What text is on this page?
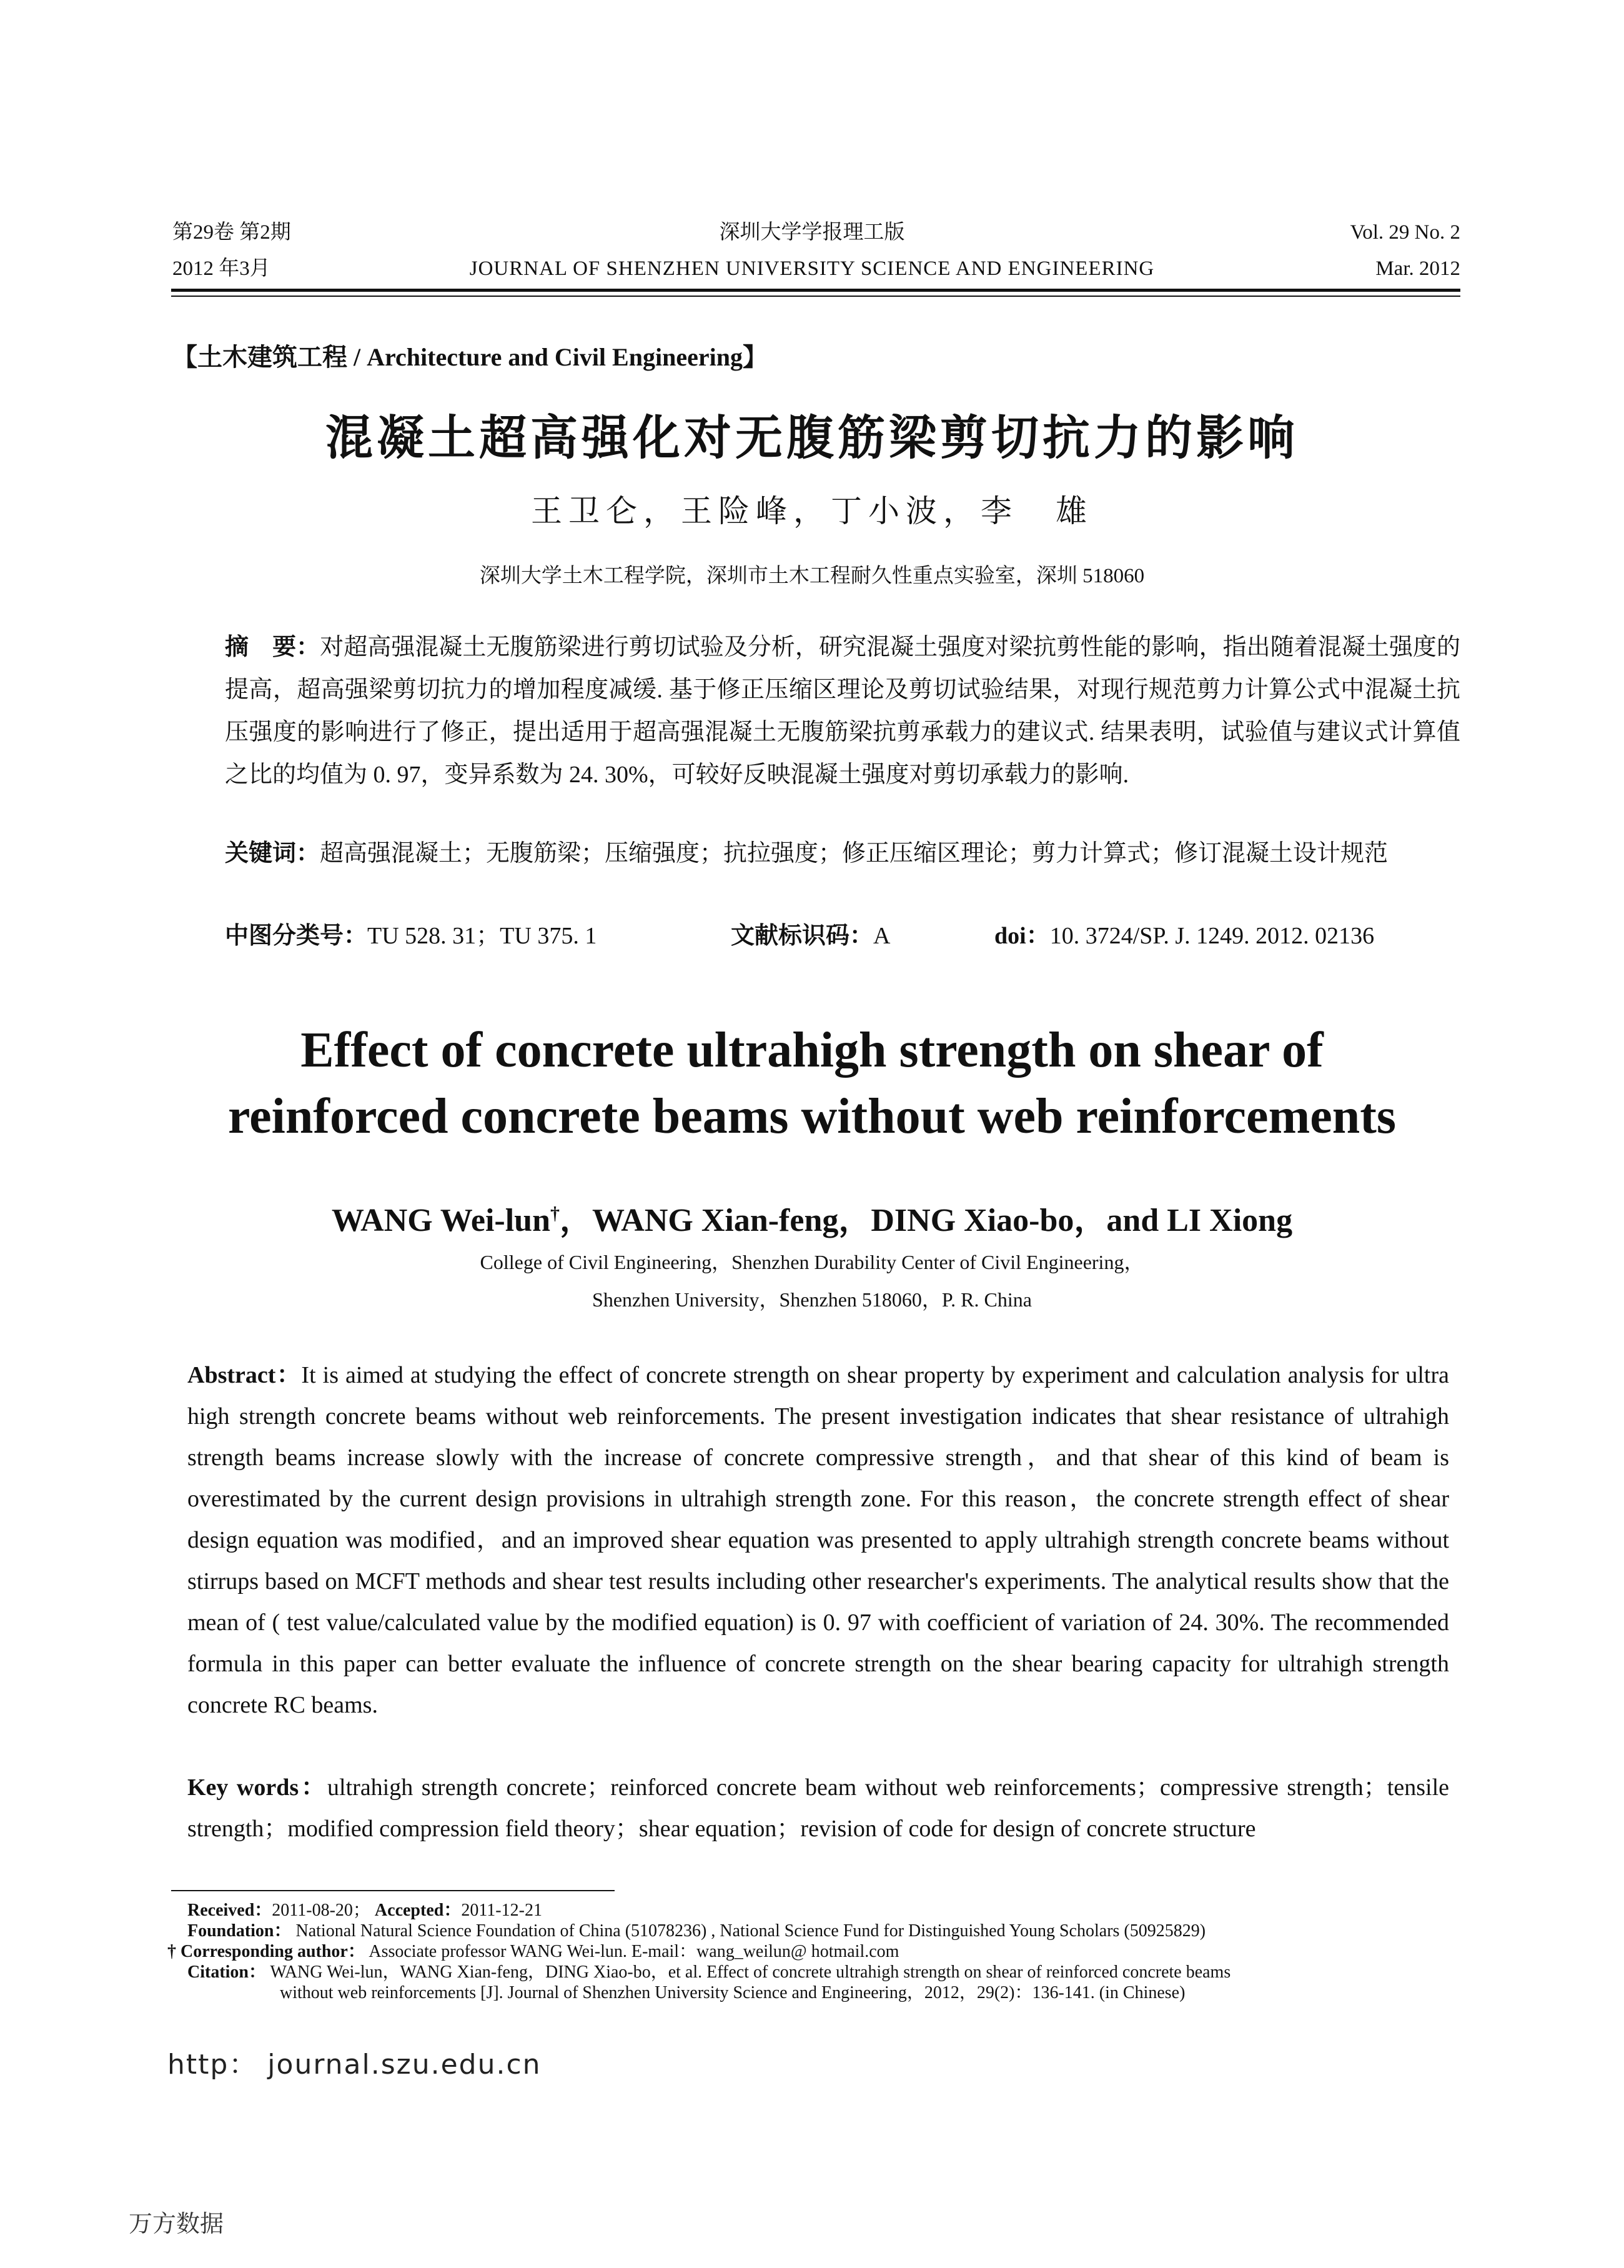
第29卷 第2期
2012 年3月
深圳大学学报理工版
JOURNAL OF SHENZHEN UNIVERSITY SCIENCE AND ENGINEERING
Vol. 29 No. 2
Mar. 2012
【土木建筑工程 / Architecture and Civil Engineering】
混凝土超高强化对无腹筋梁剪切抗力的影响
王卫仑，王险峰，丁小波，李　雄
深圳大学土木工程学院，深圳市土木工程耐久性重点实验室，深圳 518060
摘　要：对超高强混凝土无腹筋梁进行剪切试验及分析，研究混凝土强度对梁抗剪性能的影响，指出随着混凝土强度的提高，超高强梁剪切抗力的增加程度减缓. 基于修正压缩区理论及剪切试验结果，对现行规范剪力计算公式中混凝土抗压强度的影响进行了修正，提出适用于超高强混凝土无腹筋梁抗剪承载力的建议式. 结果表明，试验值与建议式计算值之比的均值为 0. 97，变异系数为 24. 30%，可较好反映混凝土强度对剪切承载力的影响.
关键词：超高强混凝土；无腹筋梁；压缩强度；抗拉强度；修正压缩区理论；剪力计算式；修订混凝土设计规范
中图分类号：TU 528. 31；TU 375. 1	文献标识码：A	doi：10. 3724/SP. J. 1249. 2012. 02136
Effect of concrete ultrahigh strength on shear of
reinforced concrete beams without web reinforcements
WANG Wei-lun†，WANG Xian-feng，DING Xiao-bo，and LI Xiong
College of Civil Engineering，Shenzhen Durability Center of Civil Engineering，
Shenzhen University，Shenzhen 518060，P. R. China
Abstract：It is aimed at studying the effect of concrete strength on shear property by experiment and calculation analysis for ultra high strength concrete beams without web reinforcements. The present investigation indicates that shear resistance of ultrahigh strength beams increase slowly with the increase of concrete compressive strength，and that shear of this kind of beam is overestimated by the current design provisions in ultrahigh strength zone. For this reason，the concrete strength effect of shear design equation was modified，and an improved shear equation was presented to apply ultrahigh strength concrete beams without stirrups based on MCFT methods and shear test results including other researcher's experiments. The analytical results show that the mean of ( test value/calculated value by the modified equation) is 0. 97 with coefficient of variation of 24. 30%. The recommended formula in this paper can better evaluate the influence of concrete strength on the shear bearing capacity for ultrahigh strength concrete RC beams.
Key words：ultrahigh strength concrete；reinforced concrete beam without web reinforcements；compressive strength；tensile strength；modified compression field theory；shear equation；revision of code for design of concrete structure
Received：2011-08-20； Accepted：2011-12-21
Foundation： National Natural Science Foundation of China (51078236) , National Science Fund for Distinguished Young Scholars (50925829)
† Corresponding author： Associate professor WANG Wei-lun. E-mail：wang_weilun@ hotmail.com
Citation： WANG Wei-lun，WANG Xian-feng，DING Xiao-bo，et al. Effect of concrete ultrahigh strength on shear of reinforced concrete beams
without web reinforcements [J]. Journal of Shenzhen University Science and Engineering，2012，29(2)：136-141. (in Chinese)
http： journal.szu.edu.cn
万方数据
